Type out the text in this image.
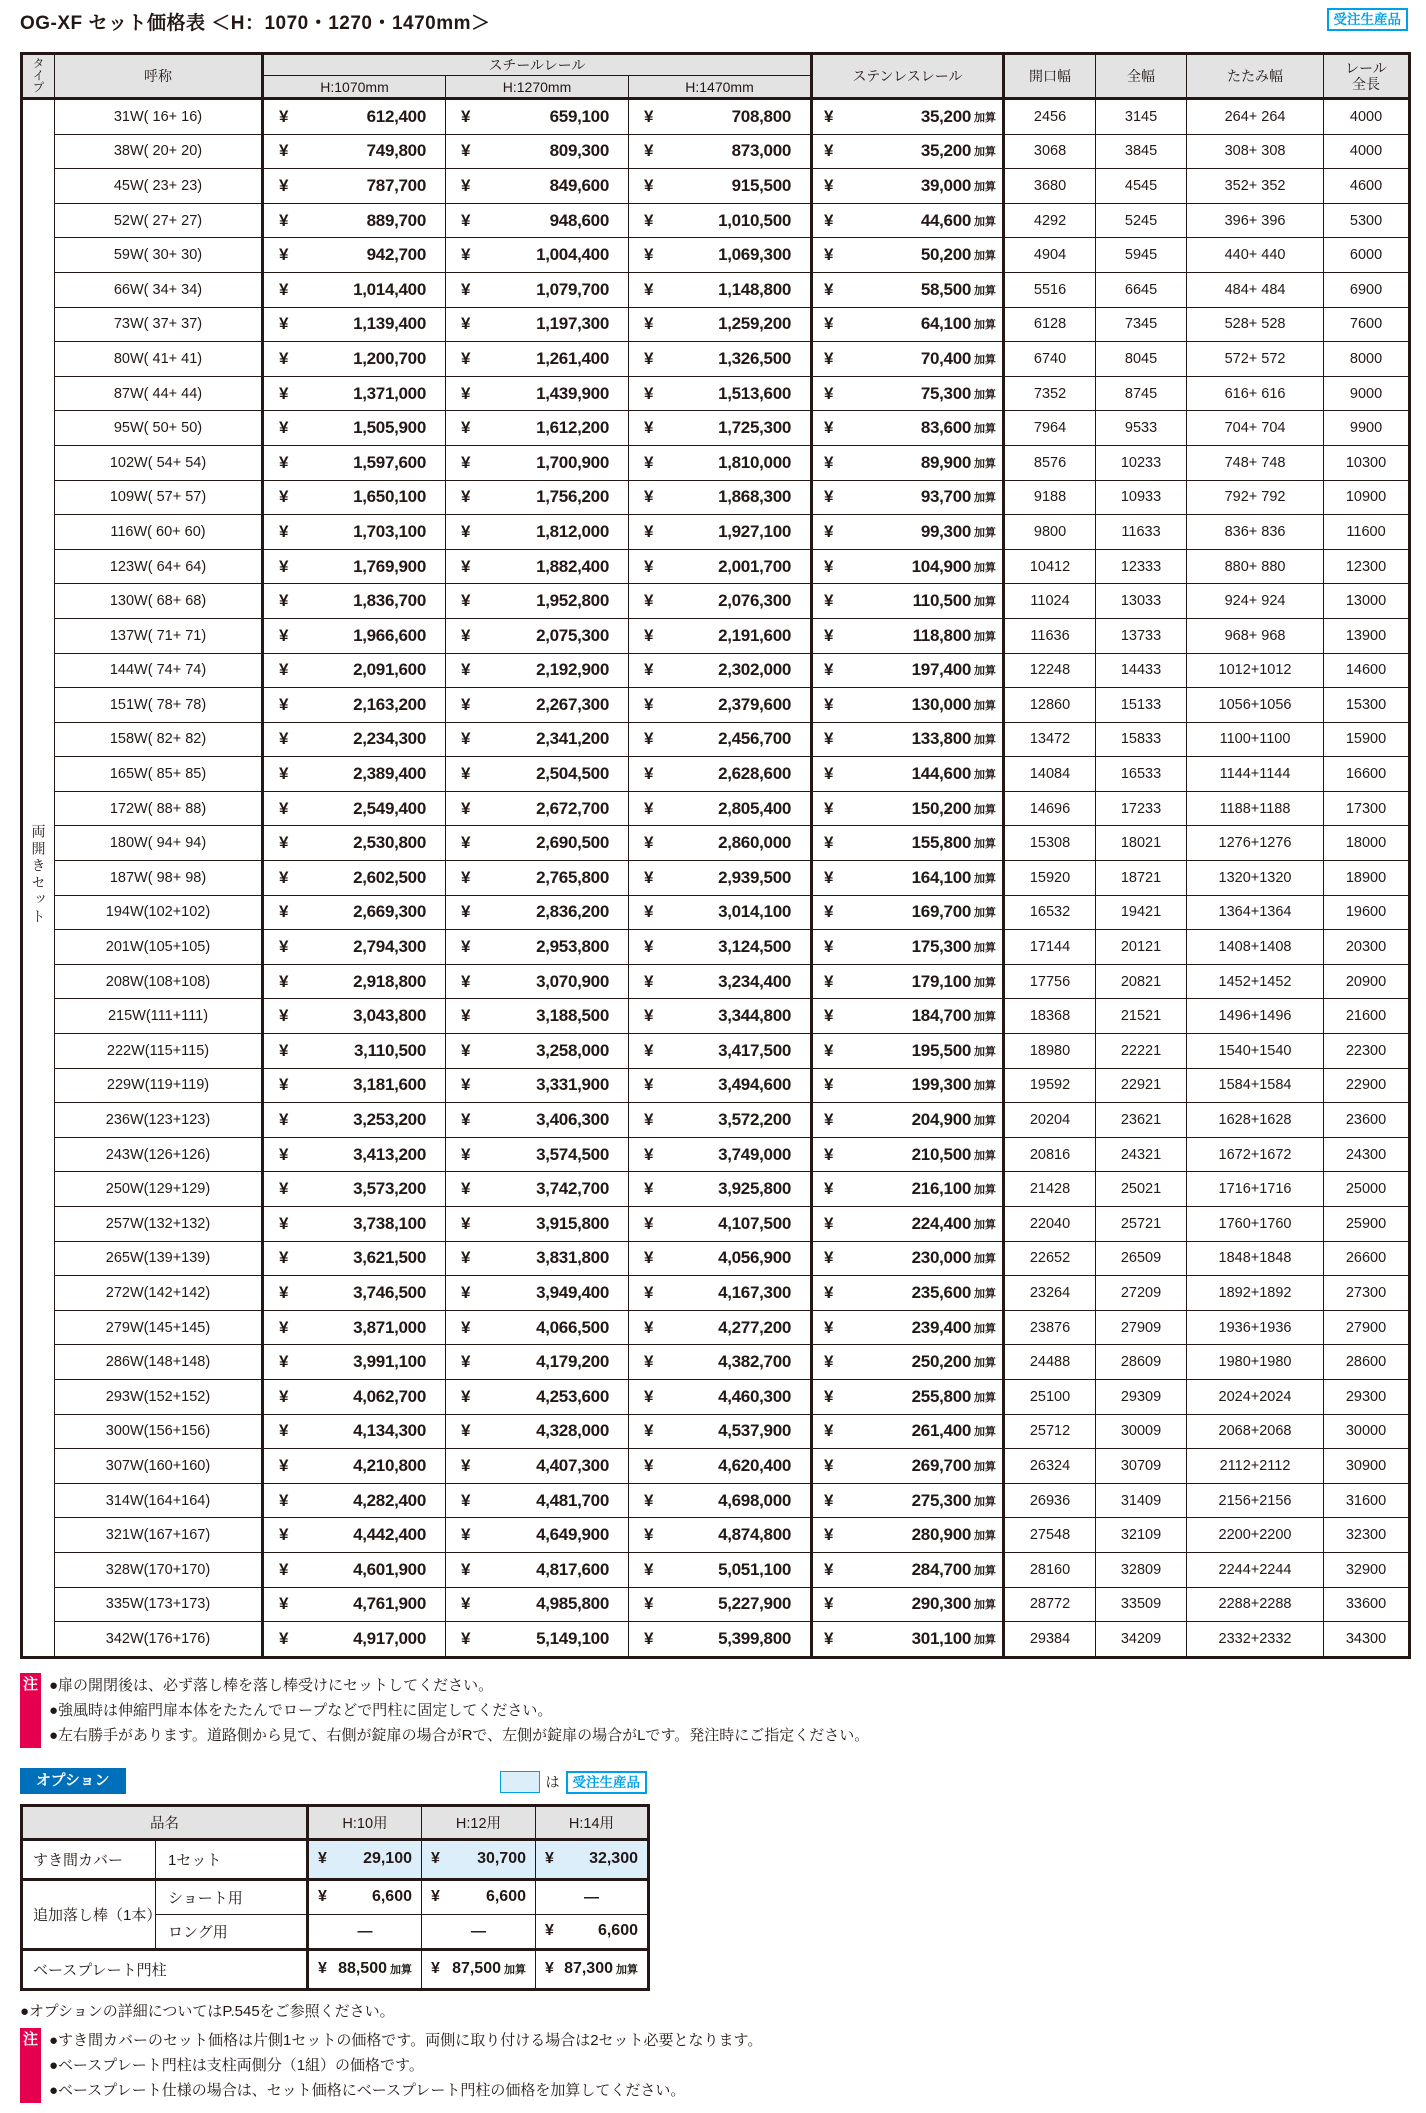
OG-XF セット価格表 ＜H：1070・1270・1470mm＞	受注生産品
タイプ	呼称	スチールレール			ステンレスレール	開口幅	全幅	たたみ幅	レール
全長

		H:1070mm	H:1270mm	H:1470mm					
両開きセット	31W( 16+ 16)	¥ 612,400	¥ 659,100	¥ 708,800	¥ 35,200 加算	2456	3145	264+ 264	4000
	38W( 20+ 20)	¥ 749,800	¥ 809,300	¥ 873,000	¥ 35,200 加算	3068	3845	308+ 308	4000
	45W( 23+ 23)	¥ 787,700	¥ 849,600	¥ 915,500	¥ 39,000 加算	3680	4545	352+ 352	4600
	52W( 27+ 27)	¥ 889,700	¥ 948,600	¥ 1,010,500	¥ 44,600 加算	4292	5245	396+ 396	5300
	59W( 30+ 30)	¥ 942,700	¥ 1,004,400	¥ 1,069,300	¥ 50,200 加算	4904	5945	440+ 440	6000
	66W( 34+ 34)	¥ 1,014,400	¥ 1,079,700	¥ 1,148,800	¥ 58,500 加算	5516	6645	484+ 484	6900
	73W( 37+ 37)	¥ 1,139,400	¥ 1,197,300	¥ 1,259,200	¥ 64,100 加算	6128	7345	528+ 528	7600
	80W( 41+ 41)	¥ 1,200,700	¥ 1,261,400	¥ 1,326,500	¥ 70,400 加算	6740	8045	572+ 572	8000
	87W( 44+ 44)	¥ 1,371,000	¥ 1,439,900	¥ 1,513,600	¥ 75,300 加算	7352	8745	616+ 616	9000
	95W( 50+ 50)	¥ 1,505,900	¥ 1,612,200	¥ 1,725,300	¥ 83,600 加算	7964	9533	704+ 704	9900
	102W( 54+ 54)	¥ 1,597,600	¥ 1,700,900	¥ 1,810,000	¥ 89,900 加算	8576	10233	748+ 748	10300
	109W( 57+ 57)	¥ 1,650,100	¥ 1,756,200	¥ 1,868,300	¥ 93,700 加算	9188	10933	792+ 792	10900
	116W( 60+ 60)	¥ 1,703,100	¥ 1,812,000	¥ 1,927,100	¥ 99,300 加算	9800	11633	836+ 836	11600
	123W( 64+ 64)	¥ 1,769,900	¥ 1,882,400	¥ 2,001,700	¥ 104,900 加算	10412	12333	880+ 880	12300
	130W( 68+ 68)	¥ 1,836,700	¥ 1,952,800	¥ 2,076,300	¥ 110,500 加算	11024	13033	924+ 924	13000
	137W( 71+ 71)	¥ 1,966,600	¥ 2,075,300	¥ 2,191,600	¥ 118,800 加算	11636	13733	968+ 968	13900
	144W( 74+ 74)	¥ 2,091,600	¥ 2,192,900	¥ 2,302,000	¥ 197,400 加算	12248	14433	1012+1012	14600
	151W( 78+ 78)	¥ 2,163,200	¥ 2,267,300	¥ 2,379,600	¥ 130,000 加算	12860	15133	1056+1056	15300
	158W( 82+ 82)	¥ 2,234,300	¥ 2,341,200	¥ 2,456,700	¥ 133,800 加算	13472	15833	1100+1100	15900
	165W( 85+ 85)	¥ 2,389,400	¥ 2,504,500	¥ 2,628,600	¥ 144,600 加算	14084	16533	1144+1144	16600
	172W( 88+ 88)	¥ 2,549,400	¥ 2,672,700	¥ 2,805,400	¥ 150,200 加算	14696	17233	1188+1188	17300
	180W( 94+ 94)	¥ 2,530,800	¥ 2,690,500	¥ 2,860,000	¥ 155,800 加算	15308	18021	1276+1276	18000
	187W( 98+ 98)	¥ 2,602,500	¥ 2,765,800	¥ 2,939,500	¥ 164,100 加算	15920	18721	1320+1320	18900
	194W(102+102)	¥ 2,669,300	¥ 2,836,200	¥ 3,014,100	¥ 169,700 加算	16532	19421	1364+1364	19600
	201W(105+105)	¥ 2,794,300	¥ 2,953,800	¥ 3,124,500	¥ 175,300 加算	17144	20121	1408+1408	20300
	208W(108+108)	¥ 2,918,800	¥ 3,070,900	¥ 3,234,400	¥ 179,100 加算	17756	20821	1452+1452	20900
	215W(111+111)	¥ 3,043,800	¥ 3,188,500	¥ 3,344,800	¥ 184,700 加算	18368	21521	1496+1496	21600
	222W(115+115)	¥ 3,110,500	¥ 3,258,000	¥ 3,417,500	¥ 195,500 加算	18980	22221	1540+1540	22300
	229W(119+119)	¥ 3,181,600	¥ 3,331,900	¥ 3,494,600	¥ 199,300 加算	19592	22921	1584+1584	22900
	236W(123+123)	¥ 3,253,200	¥ 3,406,300	¥ 3,572,200	¥ 204,900 加算	20204	23621	1628+1628	23600
	243W(126+126)	¥ 3,413,200	¥ 3,574,500	¥ 3,749,000	¥ 210,500 加算	20816	24321	1672+1672	24300
	250W(129+129)	¥ 3,573,200	¥ 3,742,700	¥ 3,925,800	¥ 216,100 加算	21428	25021	1716+1716	25000
	257W(132+132)	¥ 3,738,100	¥ 3,915,800	¥ 4,107,500	¥ 224,400 加算	22040	25721	1760+1760	25900
	265W(139+139)	¥ 3,621,500	¥ 3,831,800	¥ 4,056,900	¥ 230,000 加算	22652	26509	1848+1848	26600
	272W(142+142)	¥ 3,746,500	¥ 3,949,400	¥ 4,167,300	¥ 235,600 加算	23264	27209	1892+1892	27300
	279W(145+145)	¥ 3,871,000	¥ 4,066,500	¥ 4,277,200	¥ 239,400 加算	23876	27909	1936+1936	27900
	286W(148+148)	¥ 3,991,100	¥ 4,179,200	¥ 4,382,700	¥ 250,200 加算	24488	28609	1980+1980	28600
	293W(152+152)	¥ 4,062,700	¥ 4,253,600	¥ 4,460,300	¥ 255,800 加算	25100	29309	2024+2024	29300
	300W(156+156)	¥ 4,134,300	¥ 4,328,000	¥ 4,537,900	¥ 261,400 加算	25712	30009	2068+2068	30000
	307W(160+160)	¥ 4,210,800	¥ 4,407,300	¥ 4,620,400	¥ 269,700 加算	26324	30709	2112+2112	30900
	314W(164+164)	¥ 4,282,400	¥ 4,481,700	¥ 4,698,000	¥ 275,300 加算	26936	31409	2156+2156	31600
	321W(167+167)	¥ 4,442,400	¥ 4,649,900	¥ 4,874,800	¥ 280,900 加算	27548	32109	2200+2200	32300
	328W(170+170)	¥ 4,601,900	¥ 4,817,600	¥ 5,051,100	¥ 284,700 加算	28160	32809	2244+2244	32900
	335W(173+173)	¥ 4,761,900	¥ 4,985,800	¥ 5,227,900	¥ 290,300 加算	28772	33509	2288+2288	33600
	342W(176+176)	¥ 4,917,000	¥ 5,149,100	¥ 5,399,800	¥ 301,100 加算	29384	34209	2332+2332	34300
注 ●扉の開閉後は、必ず落し棒を落し棒受けにセットしてください。
●強風時は伸縮門扉本体をたたんでロープなどで門柱に固定してください。
●左右勝手があります。道路側から見て、右側が錠扉の場合がRで、左側が錠扉の場合がLです。発注時にご指定ください。
オプション	は 受注生産品
品名		H:10用	H:12用	H:14用
すき間カバー	1セット	¥ 29,100	¥ 30,700	¥ 32,300

追加落し棒（1本）	ショート用	¥ 6,600	¥ 6,600	—
	ロング用	—	—	¥ 6,600

ベースプレート門柱		¥ 88,500 加算	¥ 87,500 加算	¥ 87,300 加算
●オプションの詳細についてはP.545をご参照ください。
注 ●すき間カバーのセット価格は片側1セットの価格です。両側に取り付ける場合は2セット必要となります。
●ベースプレート門柱は支柱両側分（1組）の価格です。
●ベースプレート仕様の場合は、セット価格にベースプレート門柱の価格を加算してください。
